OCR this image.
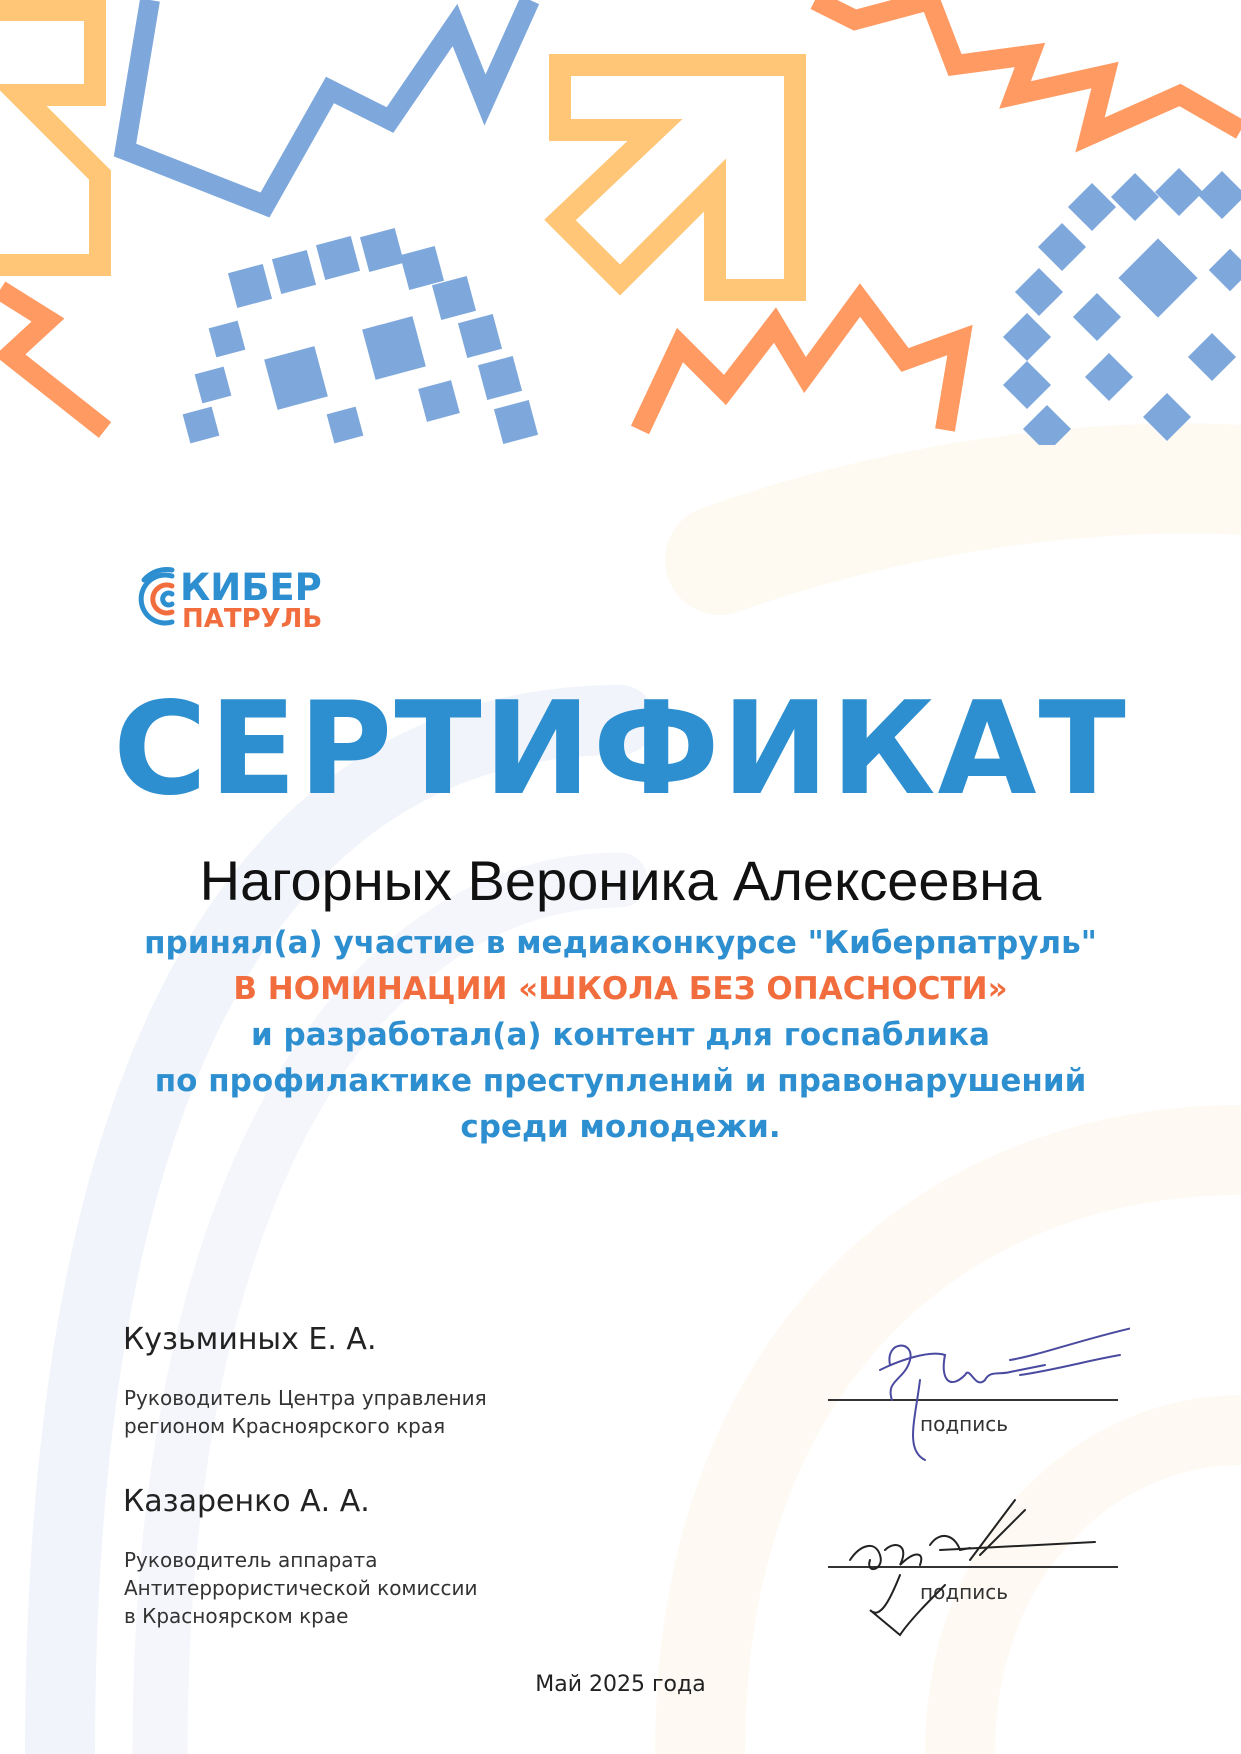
КИБЕР
ПАТРУЛЬ
СЕРТИФИКАТ
Нагорных Вероника Алексеевна
принял(а) участие в медиаконкурсе "Киберпатруль"
В НОМИНАЦИИ «ШКОЛА БЕЗ ОПАСНОСТИ»
и разработал(а) контент для госпаблика
по профилактике преступлений и правонарушений
среди молодежи.
Кузьминых Е. А.
Руководитель Центра управления
регионом Красноярского края	подпись
Казаренко А. А.
Руководитель аппарата
Антитеррористической комиссии
в Красноярском крае
подпись
Май 2025 года
